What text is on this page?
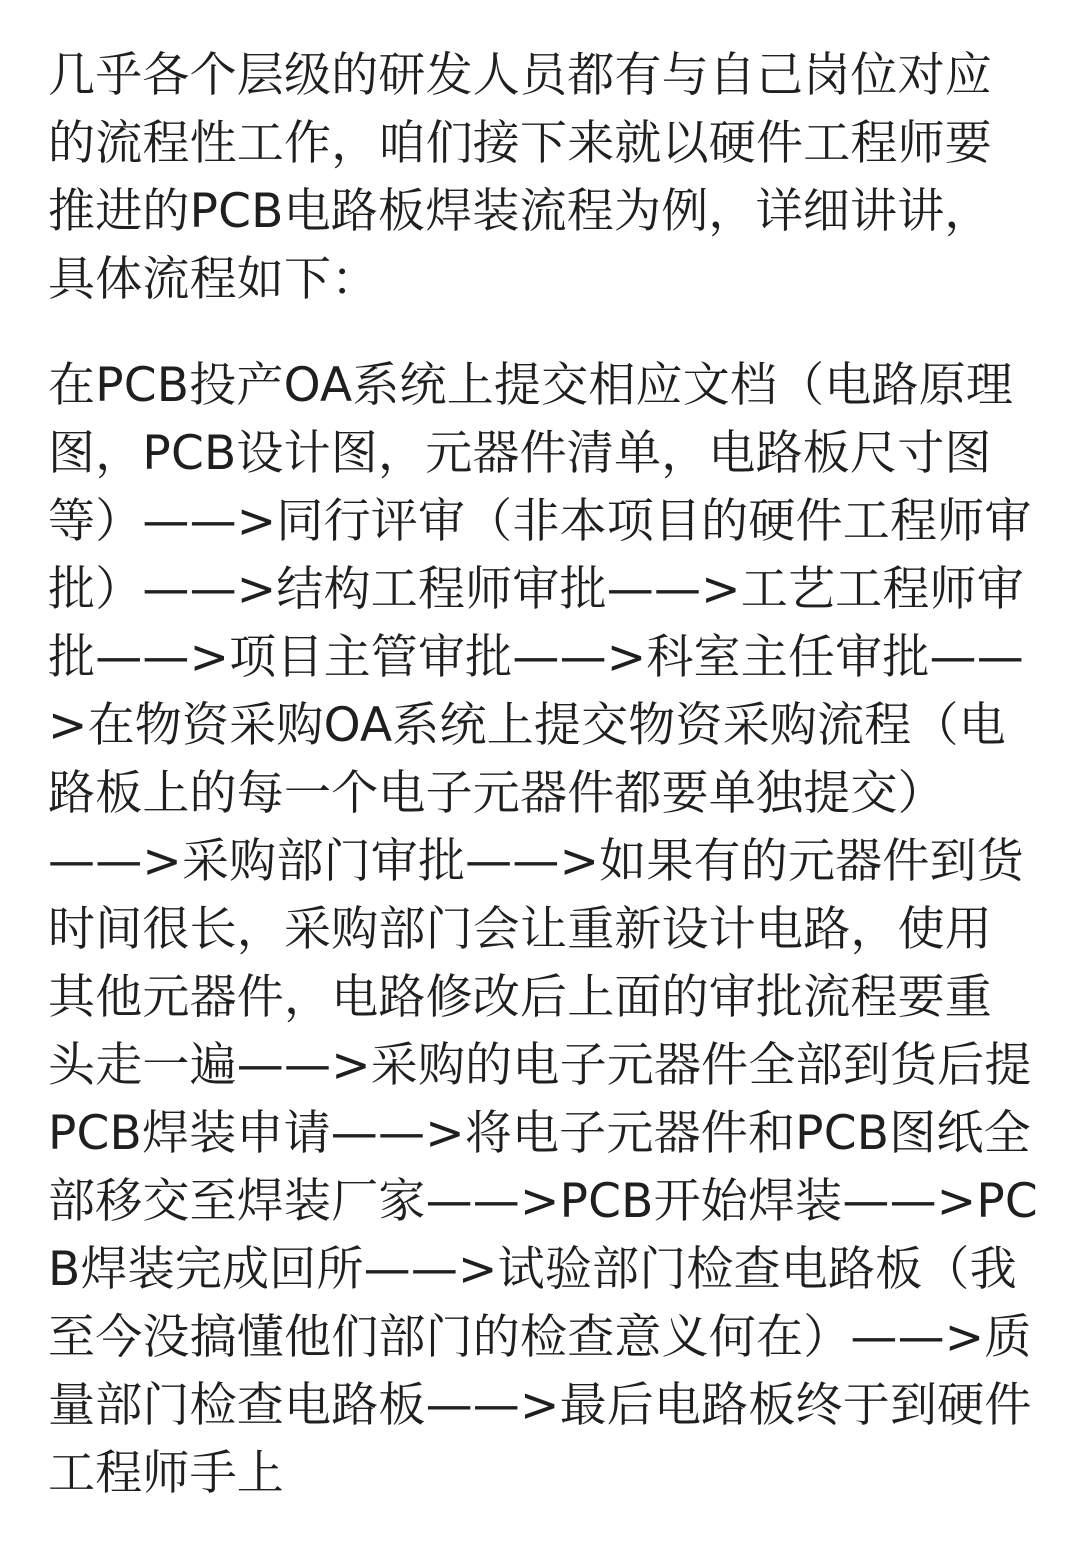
几乎各个层级的研发人员都有与自己岗位对应的流程性工作，咱们接下来就以硬件工程师要推进的PCB电路板焊装流程为例，详细讲讲，具体流程如下：
在PCB投产OA系统上提交相应文档（电路原理图，PCB设计图，元器件清单，电路板尺寸图等）——>同行评审（非本项目的硬件工程师审批）——>结构工程师审批——>工艺工程师审批——>项目主管审批——>科室主任审批——>在物资采购OA系统上提交物资采购流程（电路板上的每一个电子元器件都要单独提交）——>采购部门审批——>如果有的元器件到货时间很长，采购部门会让重新设计电路，使用其他元器件，电路修改后上面的审批流程要重头走一遍——>采购的电子元器件全部到货后提PCB焊装申请——>将电子元器件和PCB图纸全部移交至焊装厂家——>PCB开始焊装——>PCB焊装完成回所——>试验部门检查电路板（我至今没搞懂他们部门的检查意义何在）——>质量部门检查电路板——>最后电路板终于到硬件工程师手上
